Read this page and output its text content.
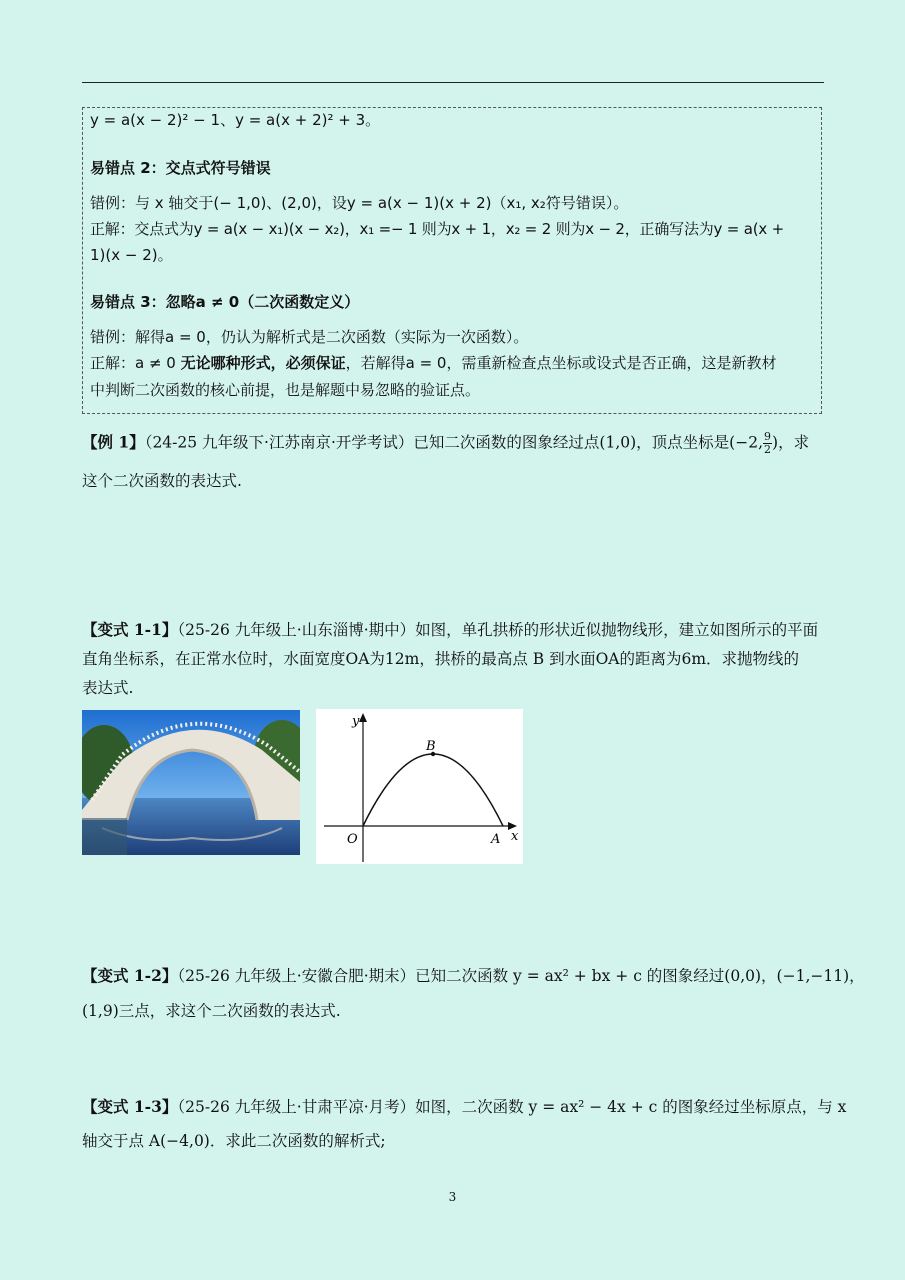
y = a(x − 2)² − 1、y = a(x + 2)² + 3。
易错点 2：交点式符号错误
错例：与 x 轴交于(− 1,0)、(2,0)，设y = a(x − 1)(x + 2)（x₁, x₂符号错误）。
正解：交点式为y = a(x − x₁)(x − x₂)，x₁ =− 1 则为x + 1，x₂ = 2 则为x − 2，正确写法为y = a(x +
1)(x − 2)。
易错点 3：忽略a ≠ 0（二次函数定义）
错例：解得a = 0，仍认为解析式是二次函数（实际为一次函数）。
正解：a ≠ 0 无论哪种形式，必须保证，若解得a = 0，需重新检查点坐标或设式是否正确，这是新教材
中判断二次函数的核心前提，也是解题中易忽略的验证点。
【例 1】（24-25 九年级下·江苏南京·开学考试）已知二次函数的图象经过点(1,0)，顶点坐标是(−2, $\frac{9}{2}$ )，求
这个二次函数的表达式.
【变式 1-1】（25-26 九年级上·山东淄博·期中）如图，单孔拱桥的形状近似抛物线形，建立如图所示的平面
直角坐标系，在正常水位时，水面宽度OA为12m，拱桥的最高点 B 到水面OA的距离为6m．求抛物线的
表达式.
y
x
O	A
B
【变式 1-2】（25-26 九年级上·安徽合肥·期末）已知二次函数 y = ax² + bx + c 的图象经过(0,0)，(−1,−11)，
(1,9)三点，求这个二次函数的表达式.
【变式 1-3】（25-26 九年级上·甘肃平凉·月考）如图，二次函数 y = ax² − 4x + c 的图象经过坐标原点，与 x
轴交于点 A(−4,0)．求此二次函数的解析式;
3
